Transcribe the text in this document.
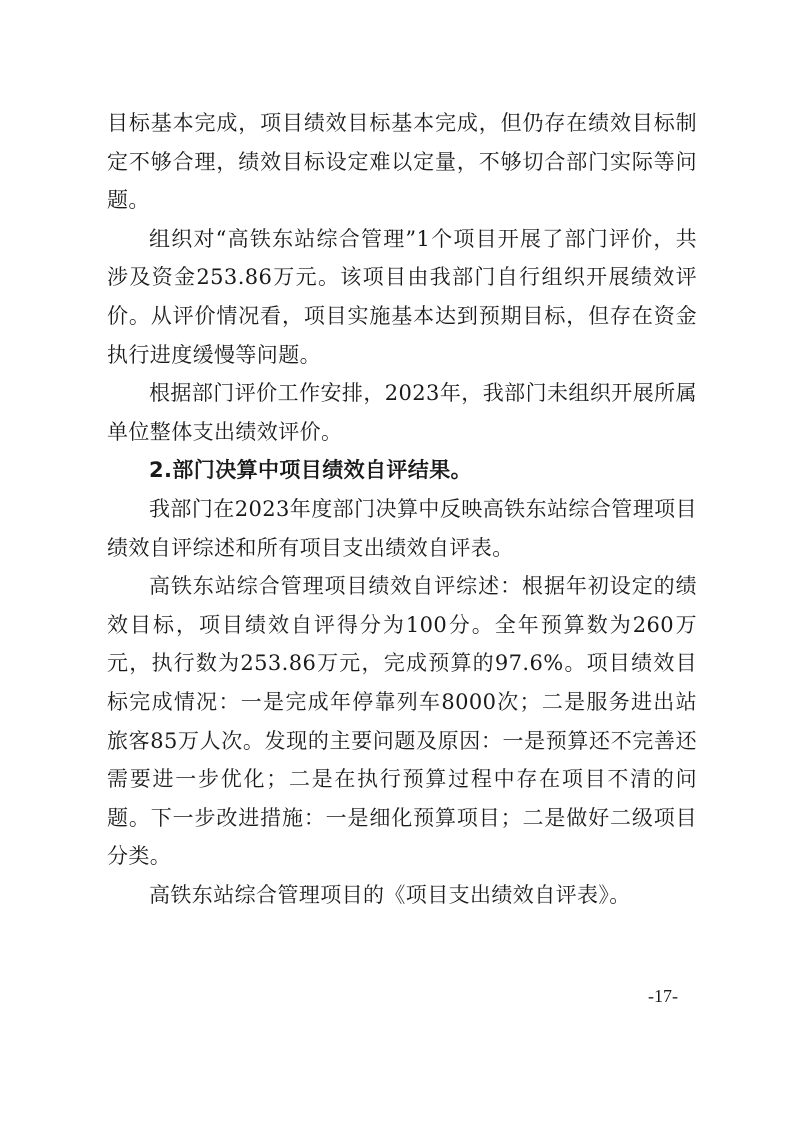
目标基本完成，项目绩效目标基本完成，但仍存在绩效目标制定不够合理，绩效目标设定难以定量，不够切合部门实际等问题。

组织对“高铁东站综合管理”1个项目开展了部门评价，共涉及资金253.86万元。该项目由我部门自行组织开展绩效评价。从评价情况看，项目实施基本达到预期目标，但存在资金执行进度缓慢等问题。

根据部门评价工作安排，2023年，我部门未组织开展所属单位整体支出绩效评价。

2.部门决算中项目绩效自评结果。

我部门在2023年度部门决算中反映高铁东站综合管理项目绩效自评综述和所有项目支出绩效自评表。

高铁东站综合管理项目绩效自评综述：根据年初设定的绩效目标，项目绩效自评得分为100分。全年预算数为260万元，执行数为253.86万元，完成预算的97.6%。项目绩效目标完成情况：一是完成年停靠列车8000次；二是服务进出站旅客85万人次。发现的主要问题及原因：一是预算还不完善还需要进一步优化；二是在执行预算过程中存在项目不清的问题。下一步改进措施：一是细化预算项目；二是做好二级项目分类。

高铁东站综合管理项目的《项目支出绩效自评表》。

-17-
